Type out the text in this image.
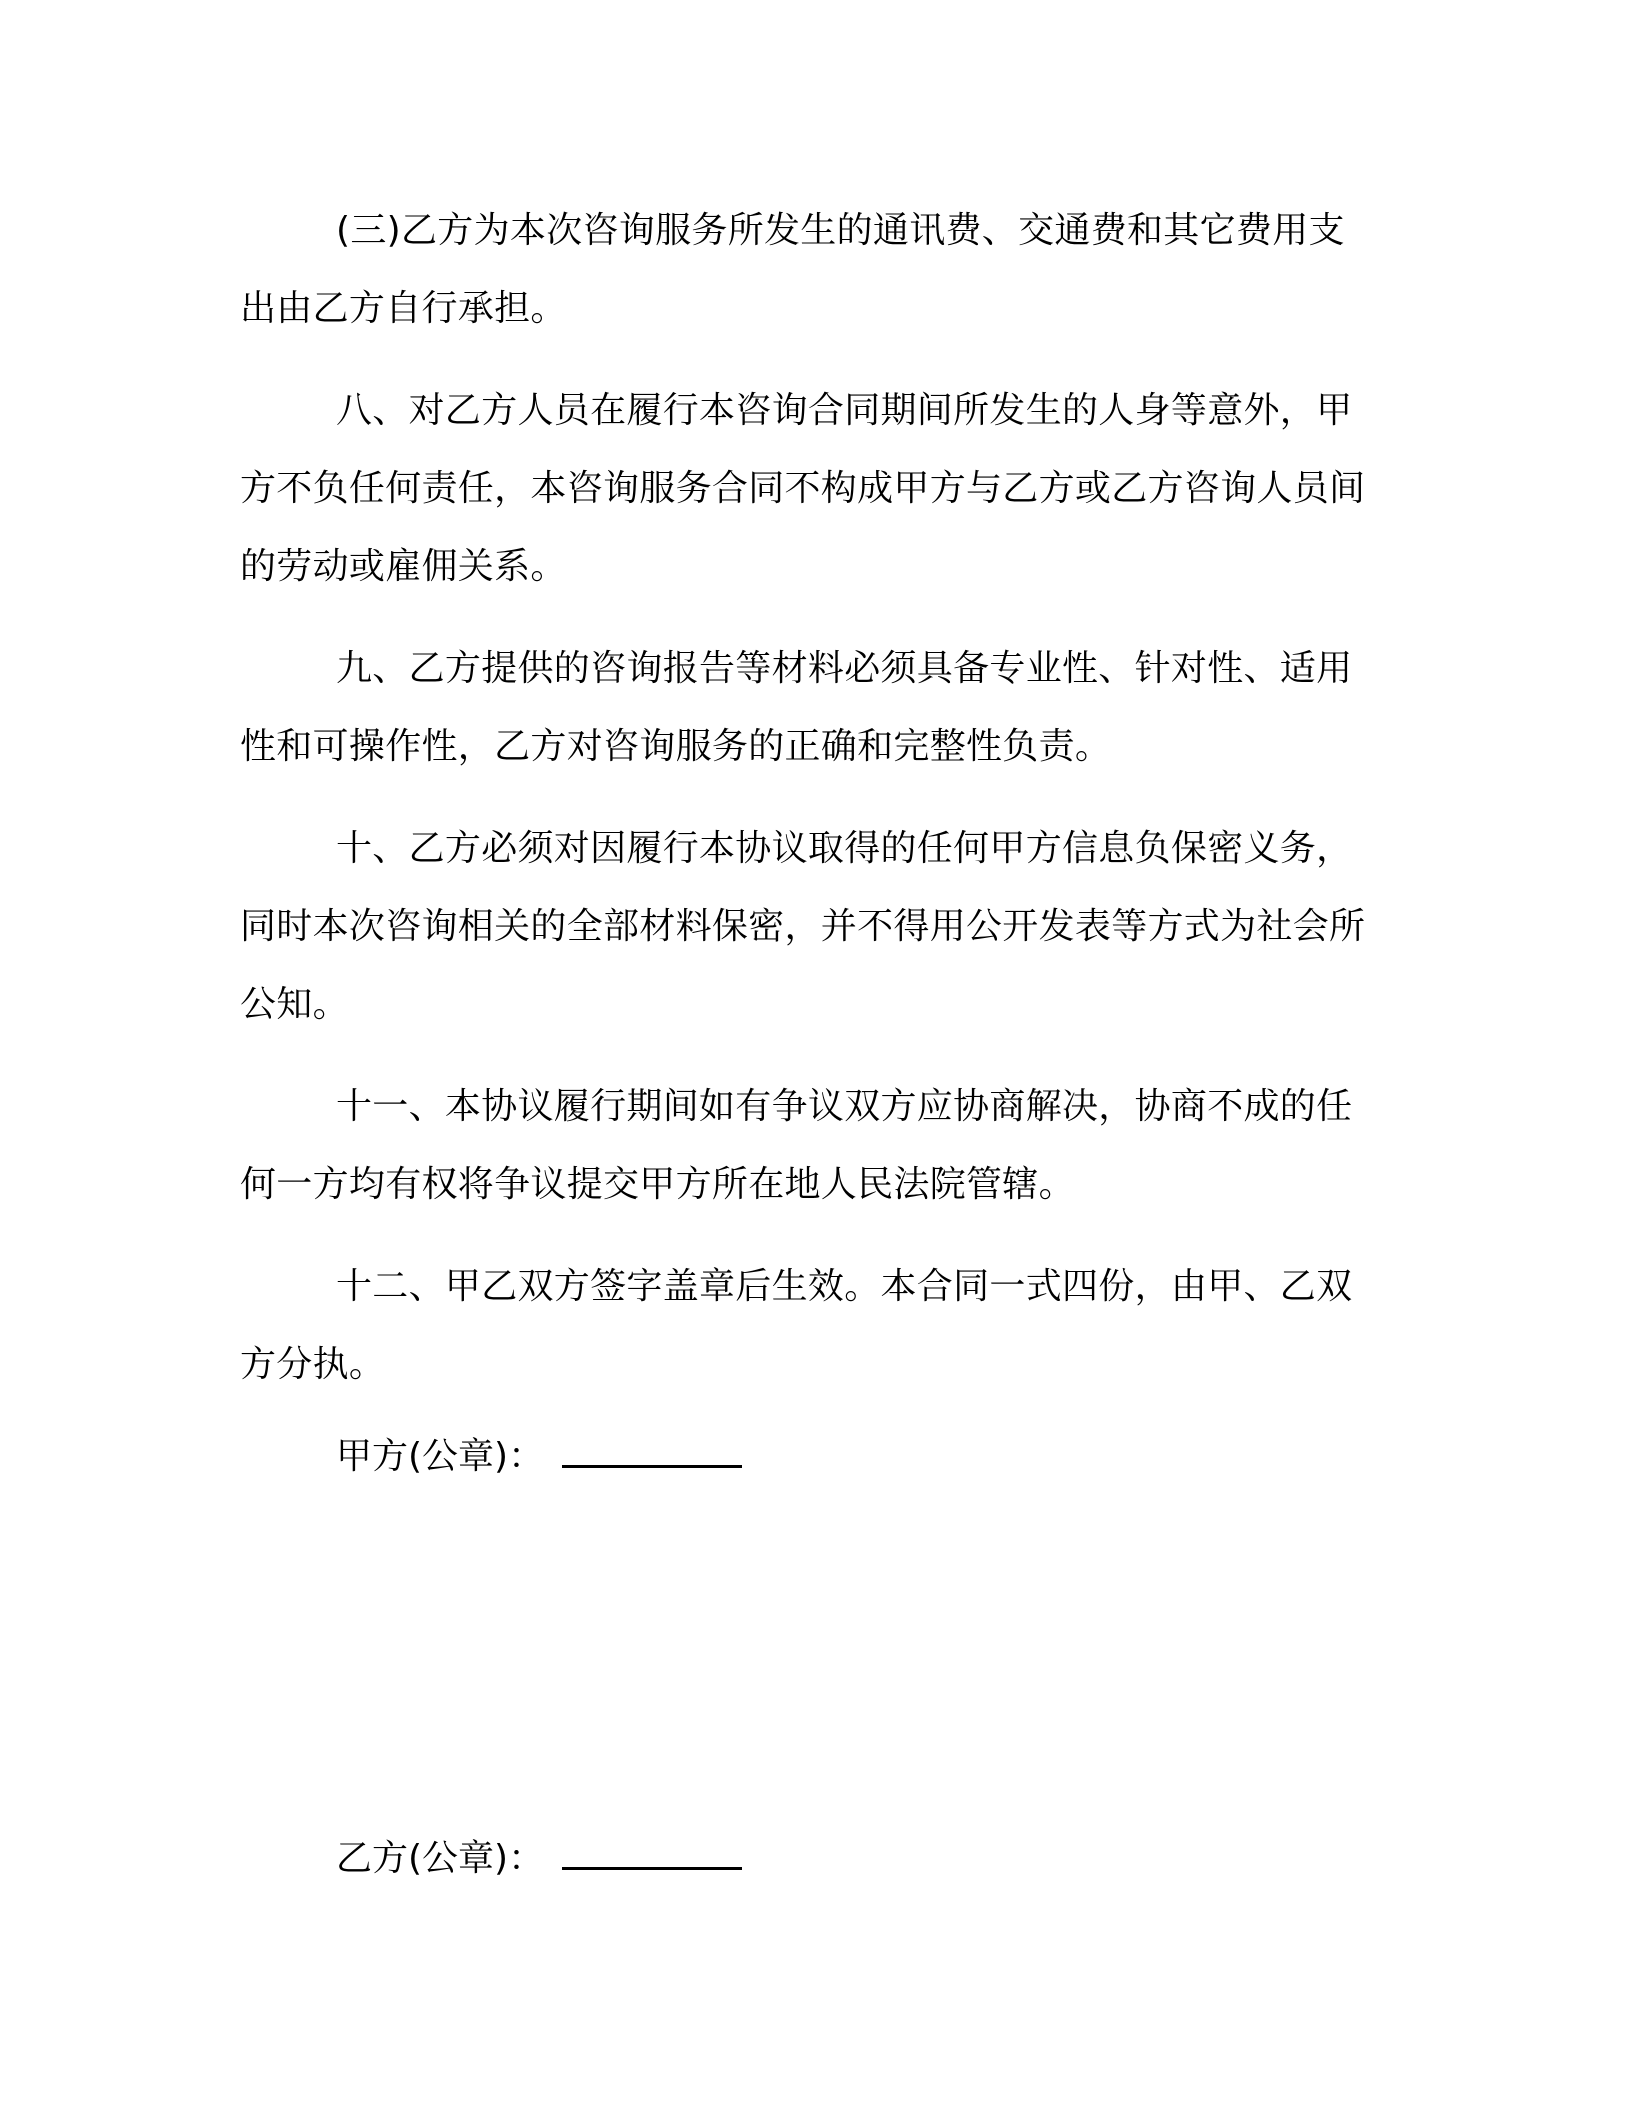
(三)乙方为本次咨询服务所发生的通讯费、交通费和其它费用支出由乙方自行承担。

八、对乙方人员在履行本咨询合同期间所发生的人身等意外，甲方不负任何责任，本咨询服务合同不构成甲方与乙方或乙方咨询人员间的劳动或雇佣关系。

九、乙方提供的咨询报告等材料必须具备专业性、针对性、适用性和可操作性，乙方对咨询服务的正确和完整性负责。

十、乙方必须对因履行本协议取得的任何甲方信息负保密义务，同时本次咨询相关的全部材料保密，并不得用公开发表等方式为社会所公知。

十一、本协议履行期间如有争议双方应协商解决，协商不成的任何一方均有权将争议提交甲方所在地人民法院管辖。

十二、甲乙双方签字盖章后生效。本合同一式四份，由甲、乙双方分执。

甲方(公章)：

乙方(公章)：
